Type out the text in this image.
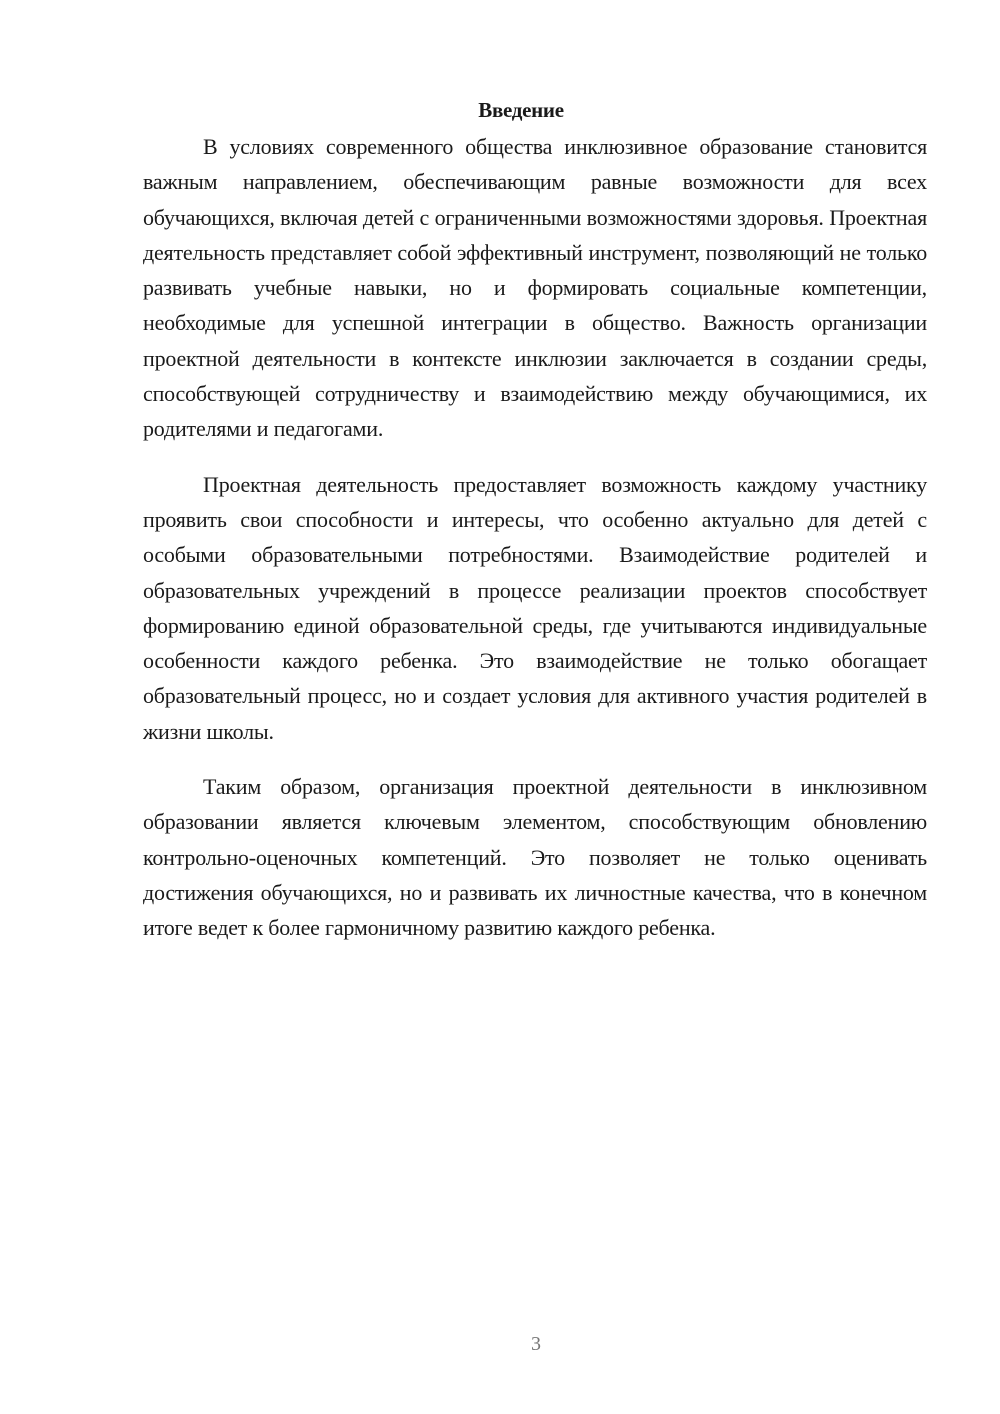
Введение

В условиях современного общества инклюзивное образование становится важным направлением, обеспечивающим равные возможности для всех обучающихся, включая детей с ограниченными возможностями здоровья. Проектная деятельность представляет собой эффективный инструмент, позволяющий не только развивать учебные навыки, но и формировать социальные компетенции, необходимые для успешной интеграции в общество. Важность организации проектной деятельности в контексте инклюзии заключается в создании среды, способствующей сотрудничеству и взаимодействию между обучающимися, их родителями и педагогами.

Проектная деятельность предоставляет возможность каждому участнику проявить свои способности и интересы, что особенно актуально для детей с особыми образовательными потребностями. Взаимодействие родителей и образовательных учреждений в процессе реализации проектов способствует формированию единой образовательной среды, где учитываются индивидуальные особенности каждого ребенка. Это взаимодействие не только обогащает образовательный процесс, но и создает условия для активного участия родителей в жизни школы.

Таким образом, организация проектной деятельности в инклюзивном образовании является ключевым элементом, способствующим обновлению контрольно-оценочных компетенций. Это позволяет не только оценивать достижения обучающихся, но и развивать их личностные качества, что в конечном итоге ведет к более гармоничному развитию каждого ребенка.

3
